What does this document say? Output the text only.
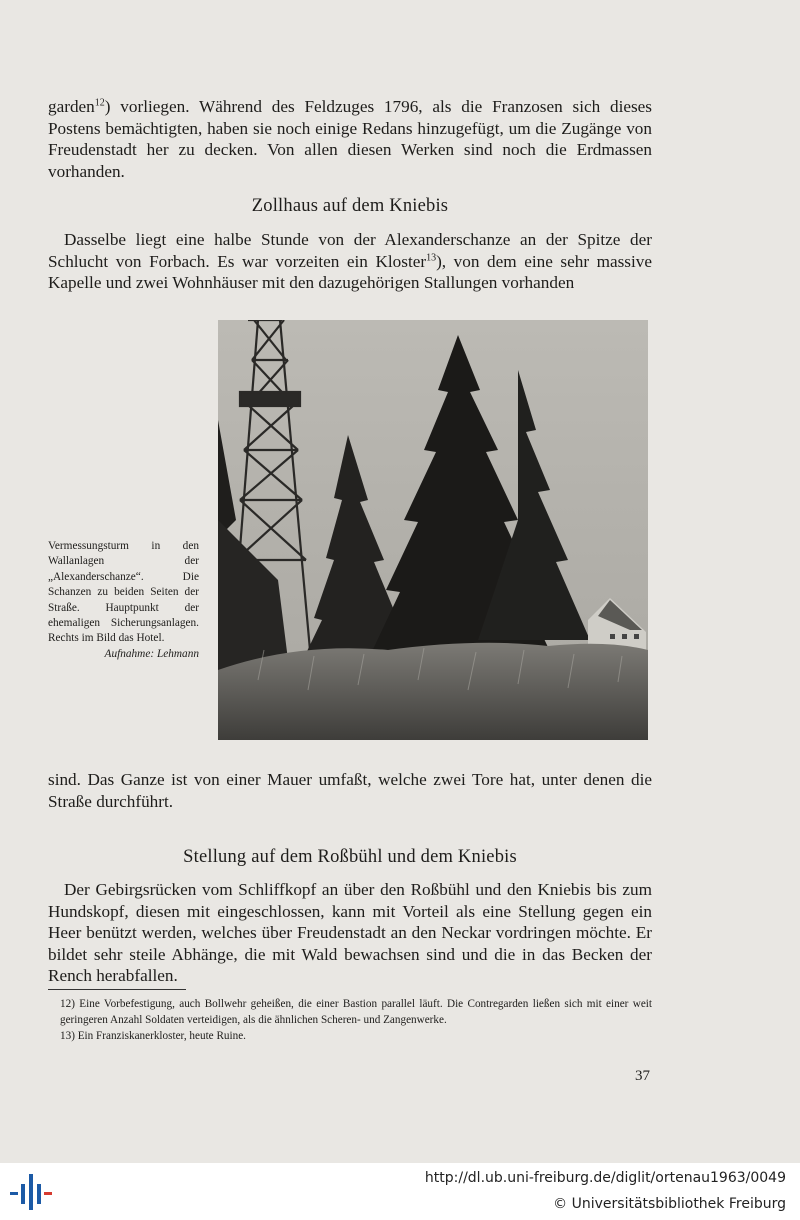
garden$^{12}$) vorliegen. Während des Feldzuges 1796, als die Franzosen sich dieses Postens bemächtigten, haben sie noch einige Redans hinzugefügt, um die Zugänge von Freudenstadt her zu decken. Von allen diesen Werken sind noch die Erdmassen vorhanden.

Zollhaus auf dem Kniebis

Dasselbe liegt eine halbe Stunde von der Alexanderschanze an der Spitze der Schlucht von Forbach. Es war vorzeiten ein Kloster$^{13}$), von dem eine sehr massive Kapelle und zwei Wohnhäuser mit den dazugehörigen Stallungen vorhanden

Vermessungsturm in den Wallanlagen der „Alexanderschanze“. Die Schanzen zu beiden Seiten der Straße. Hauptpunkt der ehemaligen Sicherungsanlagen. Rechts im Bild das Hotel.

Aufnahme: Lehmann

sind. Das Ganze ist von einer Mauer umfaßt, welche zwei Tore hat, unter denen die Straße durchführt.

Stellung auf dem Roßbühl und dem Kniebis

Der Gebirgsrücken vom Schliffkopf an über den Roßbühl und den Kniebis bis zum Hundskopf, diesen mit eingeschlossen, kann mit Vorteil als eine Stellung gegen ein Heer benützt werden, welches über Freudenstadt an den Neckar vordringen möchte. Er bildet sehr steile Abhänge, die mit Wald bewachsen sind und die in das Becken der Rench herabfallen.

12) Eine Vorbefestigung, auch Bollwehr geheißen, die einer Bastion parallel läuft. Die Contregarden ließen sich mit einer weit geringeren Anzahl Soldaten verteidigen, als die ähnlichen Scheren- und Zangenwerke.

13) Ein Franziskanerkloster, heute Ruine.

37
http://dl.ub.uni-freiburg.de/diglit/ortenau1963/0049
© Universitätsbibliothek Freiburg
